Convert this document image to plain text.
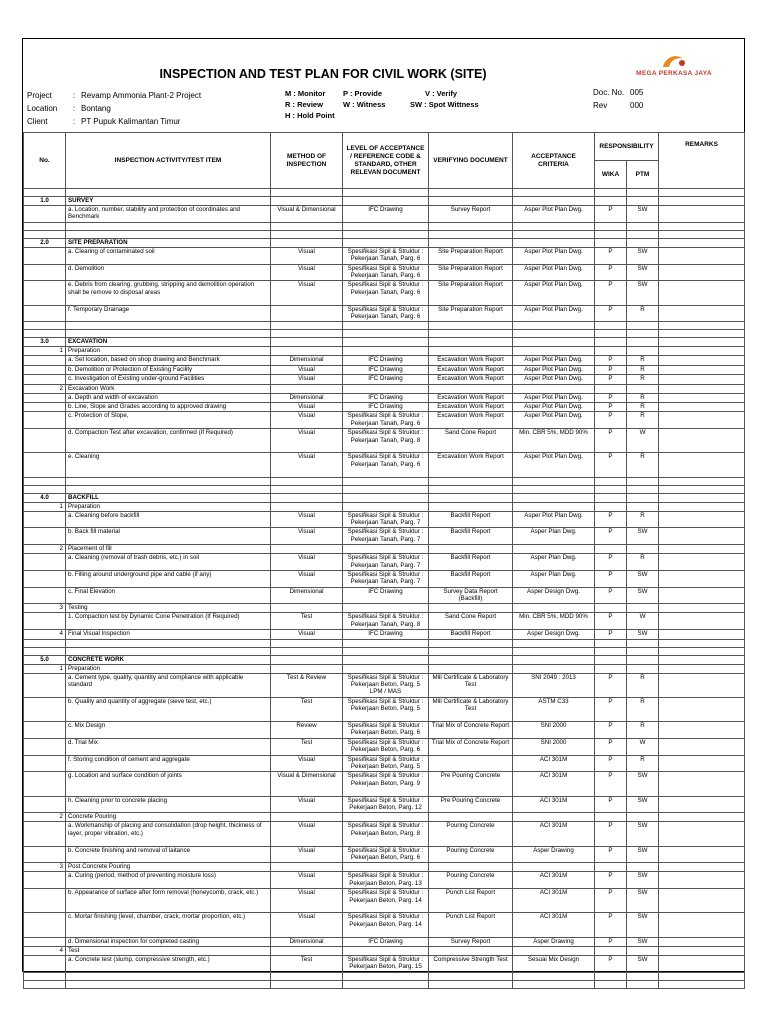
INSPECTION AND TEST PLAN FOR CIVIL WORK (SITE)	MEGA PERKASA JAYA
Project	: Revamp Ammonia Plant-2 Project
Location	: Bontang
Client	: PT Pupuk Kalimantan Timur
M : Monitor	P : Provide	V : Verify
R : Review	W : Witness	SW : Spot Wittness
H : Hold Point
Doc. No. 005
Rev	000
No.	INSPECTION ACTIVITY/TEST ITEM	METHOD OF INSPECTION	LEVEL OF ACCEPTANCE / REFERENCE CODE & STANDARD, OTHER RELEVAN DOCUMENT	VERIFYING DOCUMENT	ACCEPTANCE CRITERIA	RESPONSIBILITY		REMARKS
						WIKA	PTM	

1.0	SURVEY							
	a. Location, number, stability and protection of coordinates and Benchmark	Visual & Dimensional	IFC Drawing	Survey Report	Asper Plot Plan Dwg.	P	SW	

2.0	SITE PREPARATION							
	a. Clearing of contaminated soil	Visual	Spesifikasi Sipil & Struktur : Pekerjaan Tanah, Parg. 6	Site Preparation Report	Asper Plot Plan Dwg.	P	SW	
	d. Demolition	Visual	Spesifikasi Sipil & Struktur : Pekerjaan Tanah, Parg. 6	Site Preparation Report	Asper Plot Plan Dwg.	P	SW	
	e. Debris from clearing, grubbing, stripping and demolition operation shall be remove to disposal areas	Visual	Spesifikasi Sipil & Struktur : Pekerjaan Tanah, Parg. 6	Site Preparation Report	Asper Plot Plan Dwg.	P	SW	
	f. Temporary Drainage		Spesifikasi Sipil & Struktur : Pekerjaan Tanah, Parg. 6	Site Preparation Report	Asper Plot Plan Dwg.	P	R	

3.0	EXCAVATION							
1	Preparation							
	a. Set location, based on shop drawing and Benchmark	Dimensional	IFC Drawing	Excavation Work Report	Asper Plot Plan Dwg.	P	R	
	b. Demolition or Protection of Existing Facility	Visual	IFC Drawing	Excavation Work Report	Asper Plot Plan Dwg.	P	R	
	c. Investigation of Existing under-ground Facilities	Visual	IFC Drawing	Excavation Work Report	Asper Plot Plan Dwg.	P	R	
2	Excavation Work							
	a. Depth and width of excavation	Dimensional	IFC Drawing	Excavation Work Report	Asper Plot Plan Dwg.	P	R	
	b. Line, Slope and Grades according to approved drawing	Visual	IFC Drawing	Excavation Work Report	Asper Plot Plan Dwg.	P	R	
	c. Protection of Slope,	Visual	Spesifikasi Sipil & Struktur : Pekerjaan Tanah, Parg. 6	Excavation Work Report	Asper Plot Plan Dwg.	P	R	
	d. Compaction Test after excavation, confirmed (If Required)	Visual	Spesifikasi Sipil & Struktur : Pekerjaan Tanah, Parg. 8	Sand Cone Report	Min. CBR 5%, MDD 90%	P	W	
	e. Cleaning	Visual	Spesifikasi Sipil & Struktur : Pekerjaan Tanah, Parg. 6	Excavation Work Report	Asper Plot Plan Dwg.	P	R	

4.0	BACKFILL							
1	Preparation							
	a. Cleaning before backfill	Visual	Spesifikasi Sipil & Struktur : Pekerjaan Tanah, Parg. 7	Backfill Report	Asper Plot Plan Dwg.	P	R	
	b. Back fill material	Visual	Spesifikasi Sipil & Struktur : Pekerjaan Tanah, Parg. 7	Backfill Report	Asper Plan Dwg.	P	SW	
2	Placement of fill							
	a. Cleaning (removal of trash debris, etc.) in soil	Visual	Spesifikasi Sipil & Struktur : Pekerjaan Tanah, Parg. 7	Backfill Report	Asper Plan Dwg.	P	R	
	b. Filling around underground pipe and cable (if any)	Visual	Spesifikasi Sipil & Struktur : Pekerjaan Tanah, Parg. 7	Backfill Report	Asper Plan Dwg.	P	SW	
	c. Final Elevation	Dimensional	IFC Drawing	Survey Data Report (Backfill)	Asper Design Dwg.	P	SW	
3	Testing							
	1. Compaction test by Dynamic Cone Penetration (If Required)	Test	Spesifikasi Sipil & Struktur : Pekerjaan Tanah, Parg. 8	Sand Cone Report	Min. CBR 5%, MDD 90%	P	W	
4	Final Visual Inspection	Visual	IFC Drawing	Backfill Report	Asper Design Dwg.	P	SW	

5.0	CONCRETE WORK							
1	Preparation							
	a. Cement type, quality, quantity and compliance with applicable standard	Test & Review	Spesifikasi Sipil & Struktur : Pekerjaan Beton, Parg. 5 LPM / MAS	Mill Certificate & Laboratory Test	SNI 2049 : 2013	P	R	
	b. Quality and quantity of aggregate (sieve test, etc.)	Test	Spesifikasi Sipil & Struktur : Pekerjaan Beton, Parg. 5	Mill Certificate & Laboratory Test	ASTM C33	P	R	
	c. Mix Design	Review	Spesifikasi Sipil & Struktur : Pekerjaan Beton, Parg. 6	Trial Mix of Concrete Report	SNI 2000	P	R	
	d. Trial Mix	Test	Spesifikasi Sipil & Struktur : Pekerjaan Beton, Parg. 6	Trial Mix of Concrete Report	SNI 2000	P	W	
	f. Storing condition of cement and aggregate	Visual	Spesifikasi Sipil & Struktur : Pekerjaan Beton, Parg. 5		ACI 301M	P	R	
	g. Location and surface condition of joints	Visual & Dimensional	Spesifikasi Sipil & Struktur : Pekerjaan Beton, Parg. 9	Pre Pouring Concrete	ACI 301M	P	SW	
	h. Cleaning prior to concrete placing	Visual	Spesifikasi Sipil & Struktur : Pekerjaan Beton, Parg. 12	Pre Pouring Concrete	ACI 301M	P	SW	
2	Concrete Pouring							
	a. Workmanship of placing and consolidation (drop height, thickness of layer, proper vibration, etc.)	Visual	Spesifikasi Sipil & Struktur : Pekerjaan Beton, Parg. 8	Pouring Concrete	ACI 301M	P	SW	
	b. Concrete finishing and removal of laitance	Visual	Spesifikasi Sipil & Struktur : Pekerjaan Beton, Parg. 6	Pouring Concrete	Asper Drawing	P	SW	
3	Post Concrete Pouring							
	a. Curing (period, method of preventing moisture loss)	Visual	Spesifikasi Sipil & Struktur : Pekerjaan Beton, Parg. 13	Pouring Concrete	ACI 301M	P	SW	
	b. Appearance of surface after form removal (honeycomb, crack, etc.)	Visual	Spesifikasi Sipil & Struktur : Pekerjaan Beton, Parg. 14	Punch List Report	ACI 301M	P	SW	
	c. Mortar finishing (level, chamber, crack, mortar proportion, etc.)	Visual	Spesifikasi Sipil & Struktur : Pekerjaan Beton, Parg. 14	Punch List Report	ACI 301M	P	SW	
	d. Dimensional inspection for completed casting	Dimensional	IFC Drawing	Survey Report	Asper Drawing	P	SW	
4	Test							
	a. Concrete test (slump, compressive strength, etc.)	Test	Spesifikasi Sipil & Struktur : Pekerjaan Beton, Parg. 15	Compressive Strength Test	Sesuai Mix Design	P	SW	
